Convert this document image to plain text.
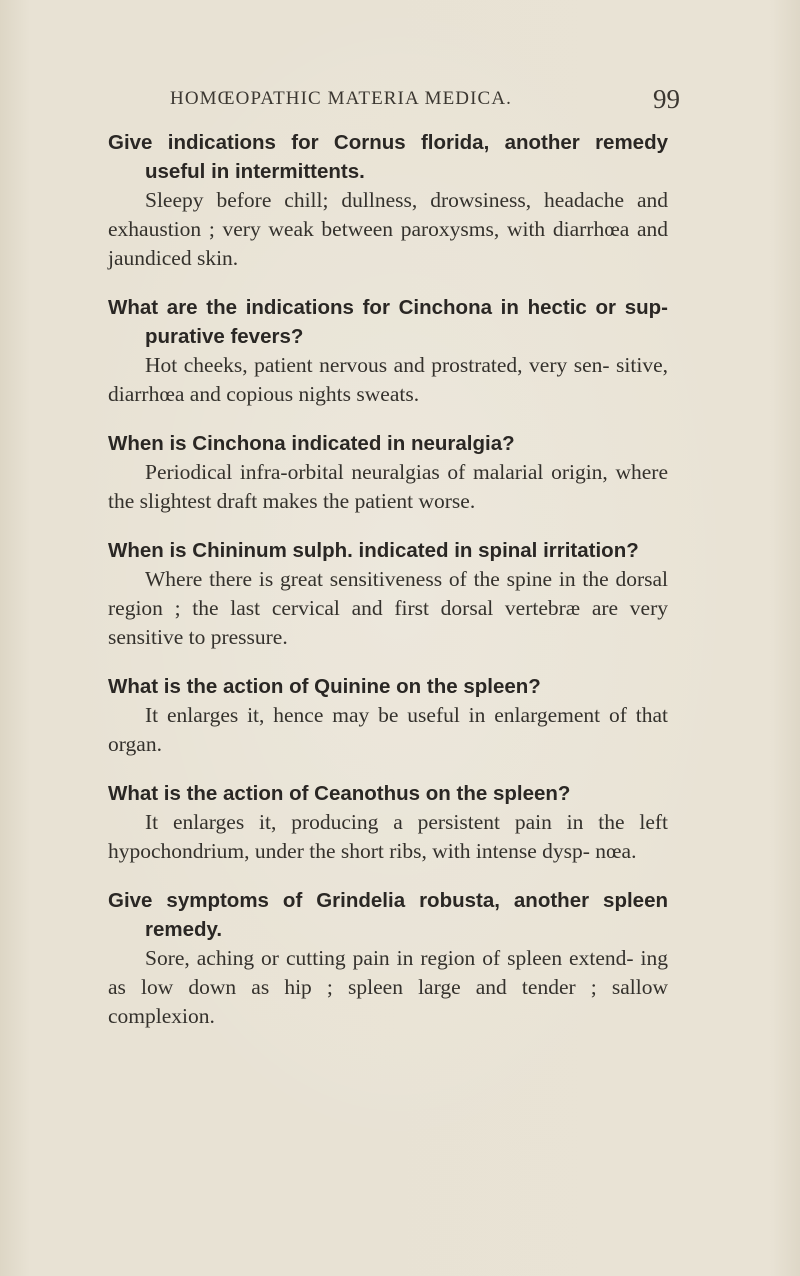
HOMŒOPATHIC MATERIA MEDICA.	99

Give indications for Cornus florida, another remedy useful in intermittents.

Sleepy before chill; dullness, drowsiness, headache and exhaustion ; very weak between paroxysms, with diarrhœa and jaundiced skin.

What are the indications for Cinchona in hectic or sup- purative fevers?

Hot cheeks, patient nervous and prostrated, very sen- sitive, diarrhœa and copious nights sweats.

When is Cinchona indicated in neuralgia?

Periodical infra-orbital neuralgias of malarial origin, where the slightest draft makes the patient worse.

When is Chininum sulph. indicated in spinal irritation?

Where there is great sensitiveness of the spine in the dorsal region ; the last cervical and first dorsal vertebræ are very sensitive to pressure.

What is the action of Quinine on the spleen?

It enlarges it, hence may be useful in enlargement of that organ.

What is the action of Ceanothus on the spleen?

It enlarges it, producing a persistent pain in the left hypochondrium, under the short ribs, with intense dysp- nœa.

Give symptoms of Grindelia robusta, another spleen remedy.

Sore, aching or cutting pain in region of spleen extend- ing as low down as hip ; spleen large and tender ; sallow complexion.
